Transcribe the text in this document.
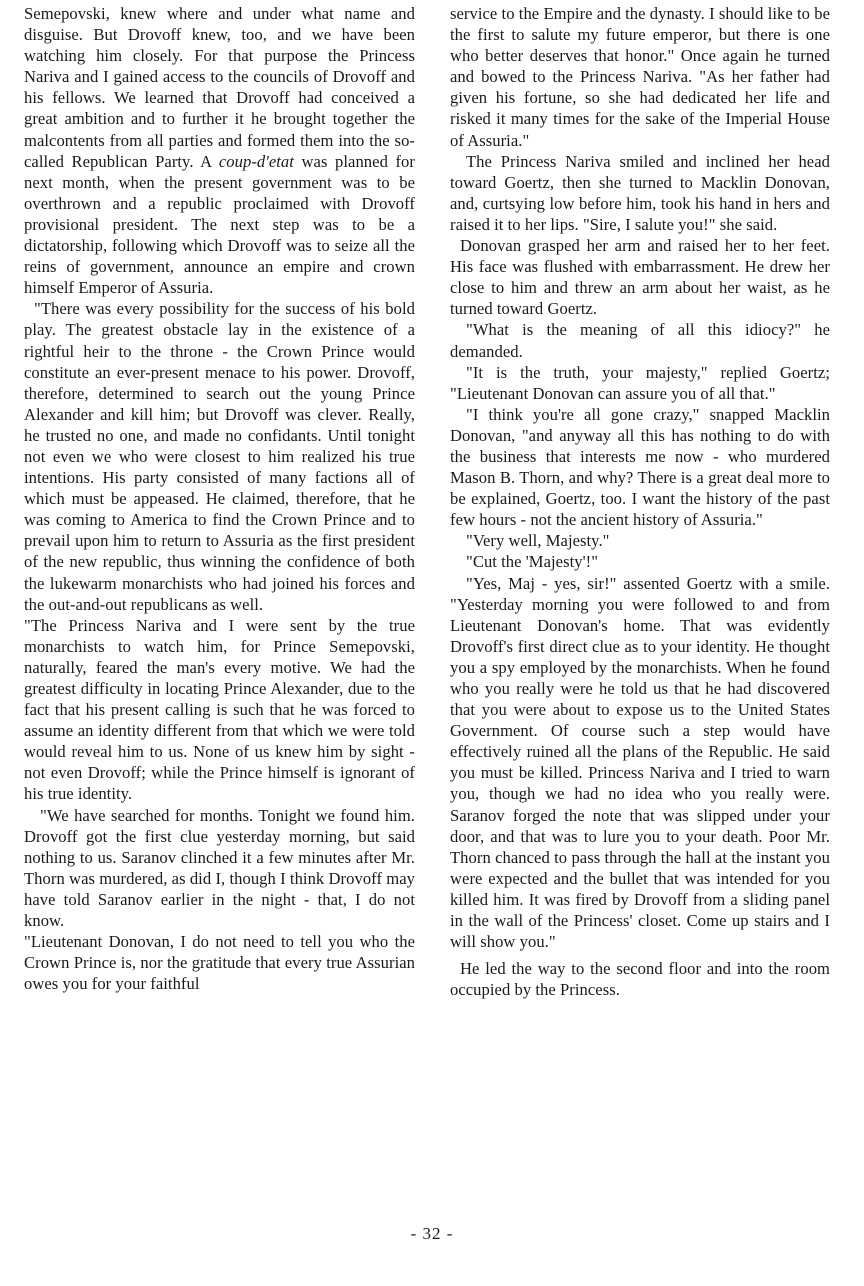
Semepovski, knew where and under what name and disguise. But Drovoff knew, too, and we have been watching him closely. For that purpose the Princess Nariva and I gained access to the councils of Drovoff and his fellows. We learned that Drovoff had conceived a great ambition and to further it he brought together the malcontents from all parties and formed them into the so-called Republican Party. A coup-d'etat was planned for next month, when the present government was to be overthrown and a republic proclaimed with Drovoff provisional president. The next step was to be a dictatorship, following which Drovoff was to seize all the reins of government, announce an empire and crown himself Emperor of Assuria.

"There was every possibility for the success of his bold play. The greatest obstacle lay in the existence of a rightful heir to the throne - the Crown Prince would constitute an ever-present menace to his power. Drovoff, therefore, determined to search out the young Prince Alexander and kill him; but Drovoff was clever. Really, he trusted no one, and made no confidants. Until tonight not even we who were closest to him realized his true intentions. His party consisted of many factions all of which must be appeased. He claimed, therefore, that he was coming to America to find the Crown Prince and to prevail upon him to return to Assuria as the first president of the new republic, thus winning the confidence of both the lukewarm monarchists who had joined his forces and the out-and-out republicans as well.

"The Princess Nariva and I were sent by the true monarchists to watch him, for Prince Semepovski, naturally, feared the man's every motive. We had the greatest difficulty in locating Prince Alexander, due to the fact that his present calling is such that he was forced to assume an identity different from that which we were told would reveal him to us. None of us knew him by sight - not even Drovoff; while the Prince himself is ignorant of his true identity.

"We have searched for months. Tonight we found him. Drovoff got the first clue yesterday morning, but said nothing to us. Saranov clinched it a few minutes after Mr. Thorn was murdered, as did I, though I think Drovoff may have told Saranov earlier in the night - that, I do not know.

"Lieutenant Donovan, I do not need to tell you who the Crown Prince is, nor the gratitude that every true Assurian owes you for your faithful

service to the Empire and the dynasty. I should like to be the first to salute my future emperor, but there is one who better deserves that honor." Once again he turned and bowed to the Princess Nariva. "As her father had given his fortune, so she had dedicated her life and risked it many times for the sake of the Imperial House of Assuria."

The Princess Nariva smiled and inclined her head toward Goertz, then she turned to Macklin Donovan, and, curtsying low before him, took his hand in hers and raised it to her lips. "Sire, I salute you!" she said.

Donovan grasped her arm and raised her to her feet. His face was flushed with embarrassment. He drew her close to him and threw an arm about her waist, as he turned toward Goertz.

"What is the meaning of all this idiocy?" he demanded.

"It is the truth, your majesty," replied Goertz; "Lieutenant Donovan can assure you of all that."

"I think you're all gone crazy," snapped Macklin Donovan, "and anyway all this has nothing to do with the business that interests me now - who murdered Mason B. Thorn, and why? There is a great deal more to be explained, Goertz, too. I want the history of the past few hours - not the ancient history of Assuria."

"Very well, Majesty."

"Cut the 'Majesty'!"

"Yes, Maj - yes, sir!" assented Goertz with a smile. "Yesterday morning you were followed to and from Lieutenant Donovan's home. That was evidently Drovoff's first direct clue as to your identity. He thought you a spy employed by the monarchists. When he found who you really were he told us that he had discovered that you were about to expose us to the United States Government. Of course such a step would have effectively ruined all the plans of the Republic. He said you must be killed. Princess Nariva and I tried to warn you, though we had no idea who you really were. Saranov forged the note that was slipped under your door, and that was to lure you to your death. Poor Mr. Thorn chanced to pass through the hall at the instant you were expected and the bullet that was intended for you killed him. It was fired by Drovoff from a sliding panel in the wall of the Princess' closet. Come up stairs and I will show you."

He led the way to the second floor and into the room occupied by the Princess.

- 32 -
